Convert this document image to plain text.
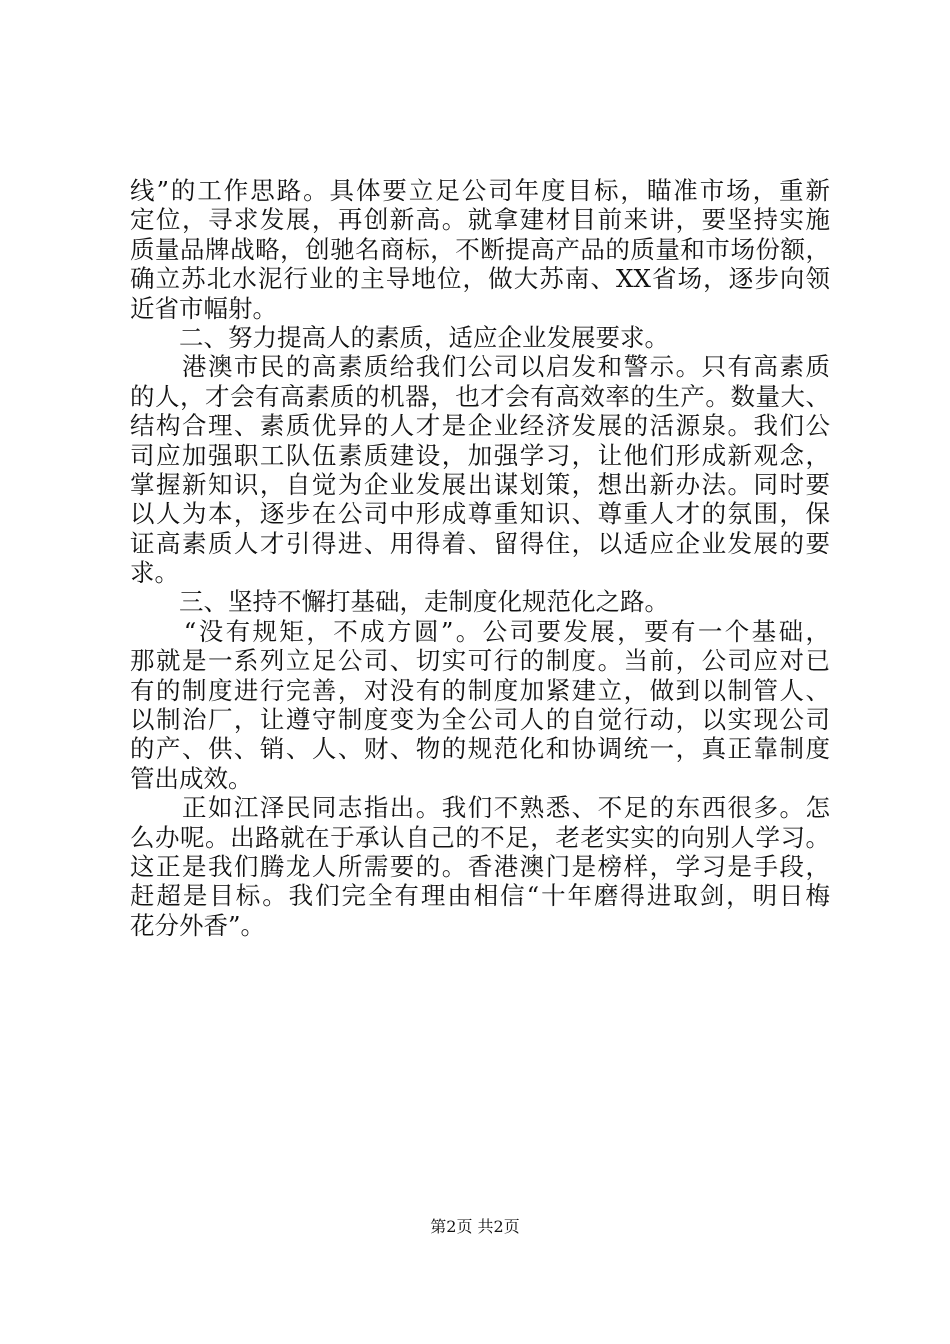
线”的工作思路。具体要立足公司年度目标，瞄准市场，重新
定位，寻求发展，再创新高。就拿建材目前来讲，要坚持实施
质量品牌战略，创驰名商标，不断提高产品的质量和市场份额，
确立苏北水泥行业的主导地位，做大苏南、XX省场，逐步向领
近省市幅射。
　　二、努力提高人的素质，适应企业发展要求。
　　港澳市民的高素质给我们公司以启发和警示。只有高素质
的人，才会有高素质的机器，也才会有高效率的生产。数量大、
结构合理、素质优异的人才是企业经济发展的活源泉。我们公
司应加强职工队伍素质建设，加强学习，让他们形成新观念，
掌握新知识，自觉为企业发展出谋划策，想出新办法。同时要
以人为本，逐步在公司中形成尊重知识、尊重人才的氛围，保
证高素质人才引得进、用得着、留得住，以适应企业发展的要
求。
　　三、坚持不懈打基础，走制度化规范化之路。
　　“没有规矩，不成方圆”。公司要发展，要有一个基础，
那就是一系列立足公司、切实可行的制度。当前，公司应对已
有的制度进行完善，对没有的制度加紧建立，做到以制管人、
以制治厂，让遵守制度变为全公司人的自觉行动，以实现公司
的产、供、销、人、财、物的规范化和协调统一，真正靠制度
管出成效。
　　正如江泽民同志指出。我们不熟悉、不足的东西很多。怎
么办呢。出路就在于承认自己的不足，老老实实的向别人学习。
这正是我们腾龙人所需要的。香港澳门是榜样，学习是手段，
赶超是目标。我们完全有理由相信“十年磨得进取剑，明日梅
花分外香”。
第2页 共2页
